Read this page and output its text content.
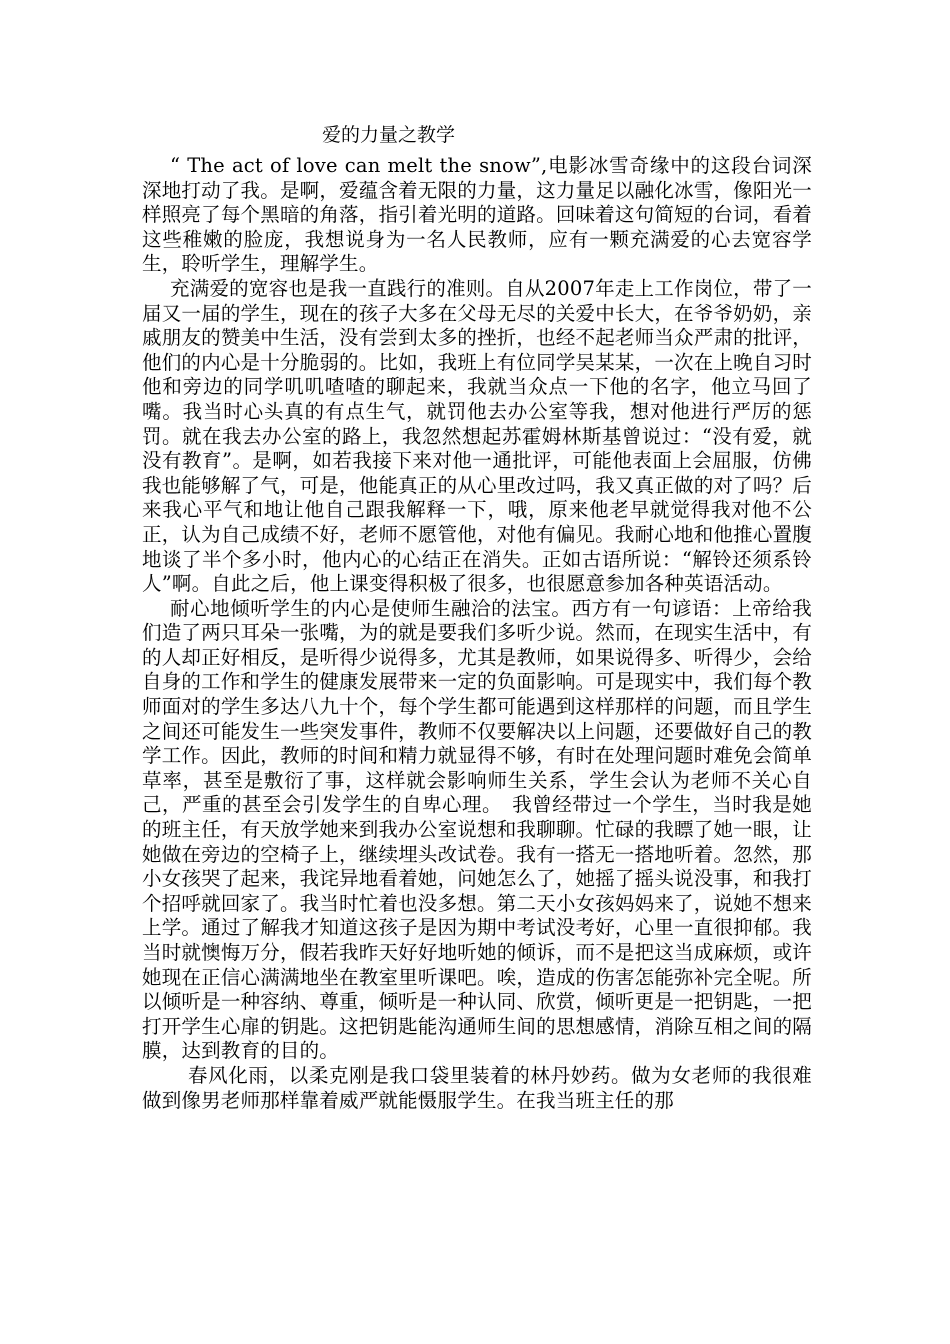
爱的力量之教学

“ The act of love can melt the snow”,电影冰雪奇缘中的这段台词深深地打动了我。是啊，爱蕴含着无限的力量，这力量足以融化冰雪，像阳光一样照亮了每个黑暗的角落，指引着光明的道路。回味着这句简短的台词，看着这些稚嫩的脸庞，我想说身为一名人民教师，应有一颗充满爱的心去宽容学生，聆听学生，理解学生。

充满爱的宽容也是我一直践行的准则。自从2007年走上工作岗位，带了一届又一届的学生，现在的孩子大多在父母无尽的关爱中长大，在爷爷奶奶，亲戚朋友的赞美中生活，没有尝到太多的挫折，也经不起老师当众严肃的批评，他们的内心是十分脆弱的。比如，我班上有位同学吴某某，一次在上晚自习时他和旁边的同学叽叽喳喳的聊起来，我就当众点一下他的名字，他立马回了嘴。我当时心头真的有点生气，就罚他去办公室等我，想对他进行严厉的惩罚。就在我去办公室的路上，我忽然想起苏霍姆林斯基曾说过：“没有爱，就没有教育”。是啊，如若我接下来对他一通批评，可能他表面上会屈服，仿佛我也能够解了气，可是，他能真正的从心里改过吗，我又真正做的对了吗？后来我心平气和地让他自己跟我解释一下，哦，原来他老早就觉得我对他不公正，认为自己成绩不好，老师不愿管他，对他有偏见。我耐心地和他推心置腹地谈了半个多小时，他内心的心结正在消失。正如古语所说：“解铃还须系铃人”啊。自此之后，他上课变得积极了很多，也很愿意参加各种英语活动。

耐心地倾听学生的内心是使师生融洽的法宝。西方有一句谚语：上帝给我们造了两只耳朵一张嘴，为的就是要我们多听少说。然而，在现实生活中，有的人却正好相反，是听得少说得多，尤其是教师，如果说得多、听得少，会给自身的工作和学生的健康发展带来一定的负面影响。可是现实中，我们每个教师面对的学生多达八九十个，每个学生都可能遇到这样那样的问题，而且学生之间还可能发生一些突发事件，教师不仅要解决以上问题，还要做好自己的教学工作。因此，教师的时间和精力就显得不够，有时在处理问题时难免会简单草率，甚至是敷衍了事，这样就会影响师生关系，学生会认为老师不关心自己，严重的甚至会引发学生的自卑心理。　我曾经带过一个学生，当时我是她的班主任，有天放学她来到我办公室说想和我聊聊。忙碌的我瞟了她一眼，让她做在旁边的空椅子上，继续埋头改试卷。我有一搭无一搭地听着。忽然，那小女孩哭了起来，我诧异地看着她，问她怎么了，她摇了摇头说没事，和我打个招呼就回家了。我当时忙着也没多想。第二天小女孩妈妈来了，说她不想来上学。通过了解我才知道这孩子是因为期中考试没考好，心里一直很抑郁。我当时就懊悔万分，假若我昨天好好地听她的倾诉，而不是把这当成麻烦，或许她现在正信心满满地坐在教室里听课吧。唉，造成的伤害怎能弥补完全呢。所以倾听是一种容纳、尊重，倾听是一种认同、欣赏，倾听更是一把钥匙，一把打开学生心扉的钥匙。这把钥匙能沟通师生间的思想感情，消除互相之间的隔膜，达到教育的目的。

春风化雨，以柔克刚是我口袋里装着的林丹妙药。做为女老师的我很难做到像男老师那样靠着威严就能慑服学生。在我当班主任的那
